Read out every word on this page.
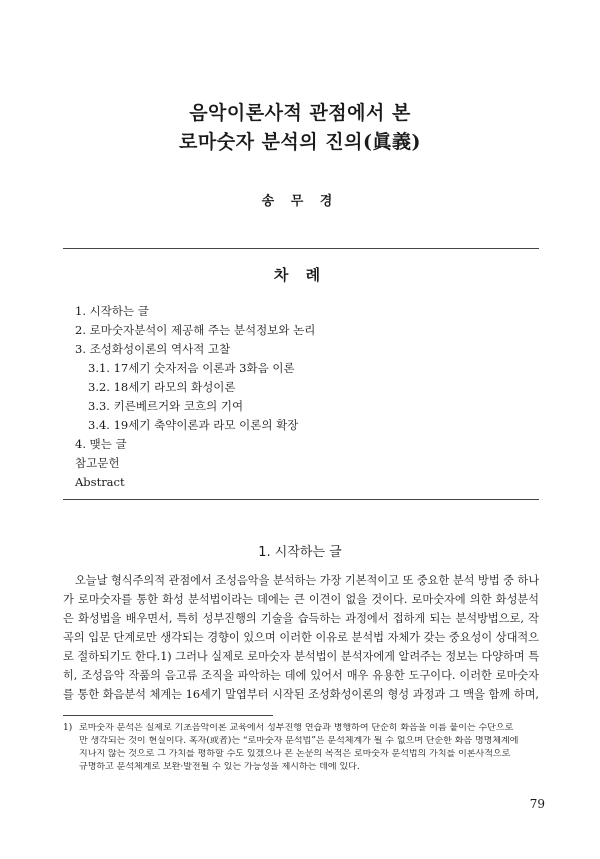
음악이론사적 관점에서 본
로마숫자 분석의 진의(眞義)
송 무 경
차 례
1. 시작하는 글
2. 로마숫자분석이 제공해 주는 분석정보와 논리
3. 조성화성이론의 역사적 고찰
3.1. 17세기 숫자저음 이론과 3화음 이론
3.2. 18세기 라모의 화성이론
3.3. 키른베르거와 코흐의 기여
3.4. 19세기 축약이론과 라모 이론의 확장
4. 맺는 글
참고문헌
Abstract
1. 시작하는 글
오늘날 형식주의적 관점에서 조성음악을 분석하는 가장 기본적이고 또 중요한 분석 방법 중 하나
가 로마숫자를 통한 화성 분석법이라는 데에는 큰 이견이 없을 것이다. 로마숫자에 의한 화성분석
은 화성법을 배우면서, 특히 성부진행의 기술을 습득하는 과정에서 접하게 되는 분석방법으로, 작
곡의 입문 단계로만 생각되는 경향이 있으며 이러한 이유로 분석법 자체가 갖는 중요성이 상대적으
로 절하되기도 한다.1) 그러나 실제로 로마숫자 분석법이 분석자에게 알려주는 정보는 다양하며 특
히, 조성음악 작품의 음고류 조직을 파악하는 데에 있어서 매우 유용한 도구이다. 이러한 로마숫자
를 통한 화음분석 체계는 16세기 말엽부터 시작된 조성화성이론의 형성 과정과 그 맥을 함께 하며,
1) 로마숫자 분석은 실제로 기초음악이론 교육에서 성부진행 연습과 병행하여 단순히 화음을 이름 붙이는 수단으로
만 생각되는 것이 현실이다. 혹자(或者)는 “로마숫자 분석법”은 분석체계가 될 수 없으며 단순한 화음 명명체계에
지나지 않는 것으로 그 가치를 평하할 수도 있겠으나 본 논문의 목적은 로마숫자 분석법의 가치를 이론사적으로
규명하고 분석체계로 보완·발전될 수 있는 가능성을 제시하는 데에 있다.
79
